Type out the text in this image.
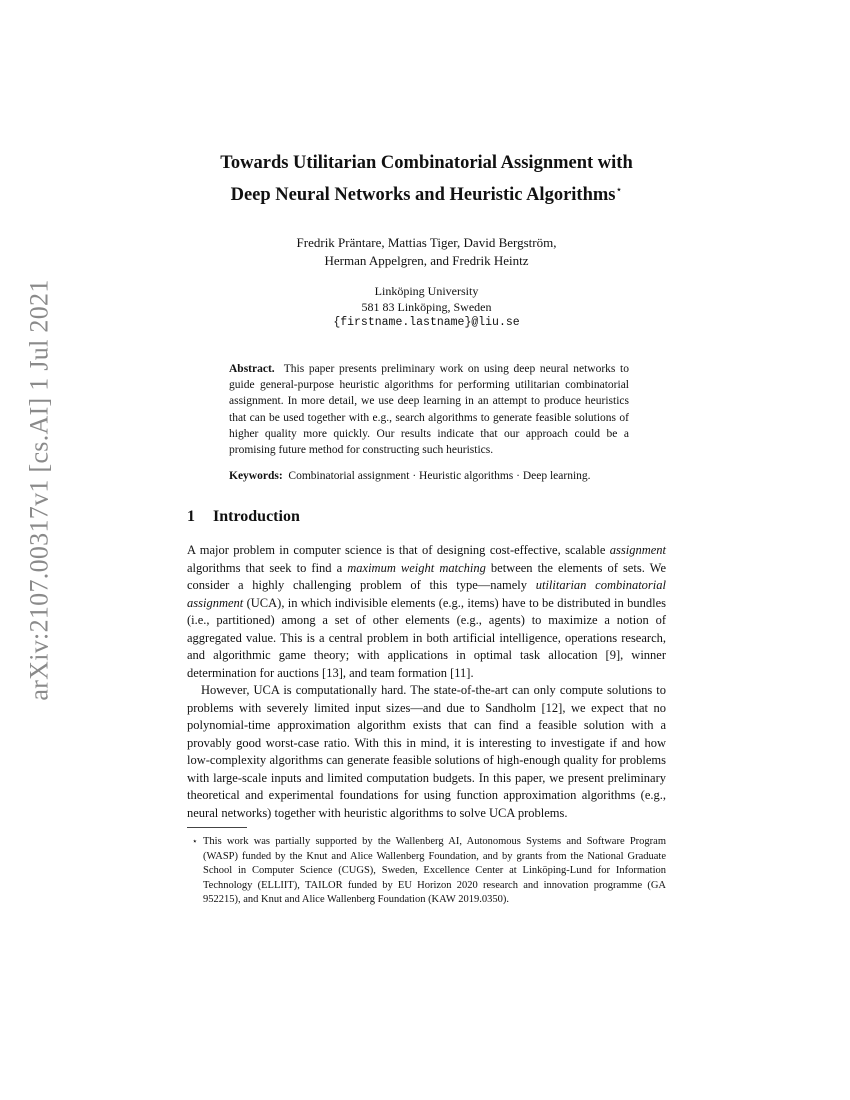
arXiv:2107.00317v1 [cs.AI] 1 Jul 2021
Towards Utilitarian Combinatorial Assignment with
Deep Neural Networks and Heuristic Algorithms⋆
Fredrik Präntare, Mattias Tiger, David Bergström,
Herman Appelgren, and Fredrik Heintz
Linköping University
581 83 Linköping, Sweden
{firstname.lastname}@liu.se
Abstract. This paper presents preliminary work on using deep neural networks to guide general-purpose heuristic algorithms for performing utilitarian combinatorial assignment. In more detail, we use deep learning in an attempt to produce heuristics that can be used together with e.g., search algorithms to generate feasible solutions of higher quality more quickly. Our results indicate that our approach could be a promising future method for constructing such heuristics.
Keywords: Combinatorial assignment · Heuristic algorithms · Deep learning.
1 Introduction

A major problem in computer science is that of designing cost-effective, scalable assignment algorithms that seek to find a maximum weight matching between the elements of sets. We consider a highly challenging problem of this type—namely utilitarian combinatorial assignment (UCA), in which indivisible elements (e.g., items) have to be distributed in bundles (i.e., partitioned) among a set of other elements (e.g., agents) to maximize a notion of aggregated value. This is a central problem in both artificial intelligence, operations research, and algorithmic game theory; with applications in optimal task allocation [9], winner determination for auctions [13], and team formation [11].

However, UCA is computationally hard. The state-of-the-art can only compute solutions to problems with severely limited input sizes—and due to Sandholm [12], we expect that no polynomial-time approximation algorithm exists that can find a feasible solution with a provably good worst-case ratio. With this in mind, it is interesting to investigate if and how low-complexity algorithms can generate feasible solutions of high-enough quality for problems with large-scale inputs and limited computation budgets. In this paper, we present preliminary theoretical and experimental foundations for using function approximation algorithms (e.g., neural networks) together with heuristic algorithms to solve UCA problems.

⋆ This work was partially supported by the Wallenberg AI, Autonomous Systems and Software Program (WASP) funded by the Knut and Alice Wallenberg Foundation, and by grants from the National Graduate School in Computer Science (CUGS), Sweden, Excellence Center at Linköping-Lund for Information Technology (ELLIIT), TAILOR funded by EU Horizon 2020 research and innovation programme (GA 952215), and Knut and Alice Wallenberg Foundation (KAW 2019.0350).
